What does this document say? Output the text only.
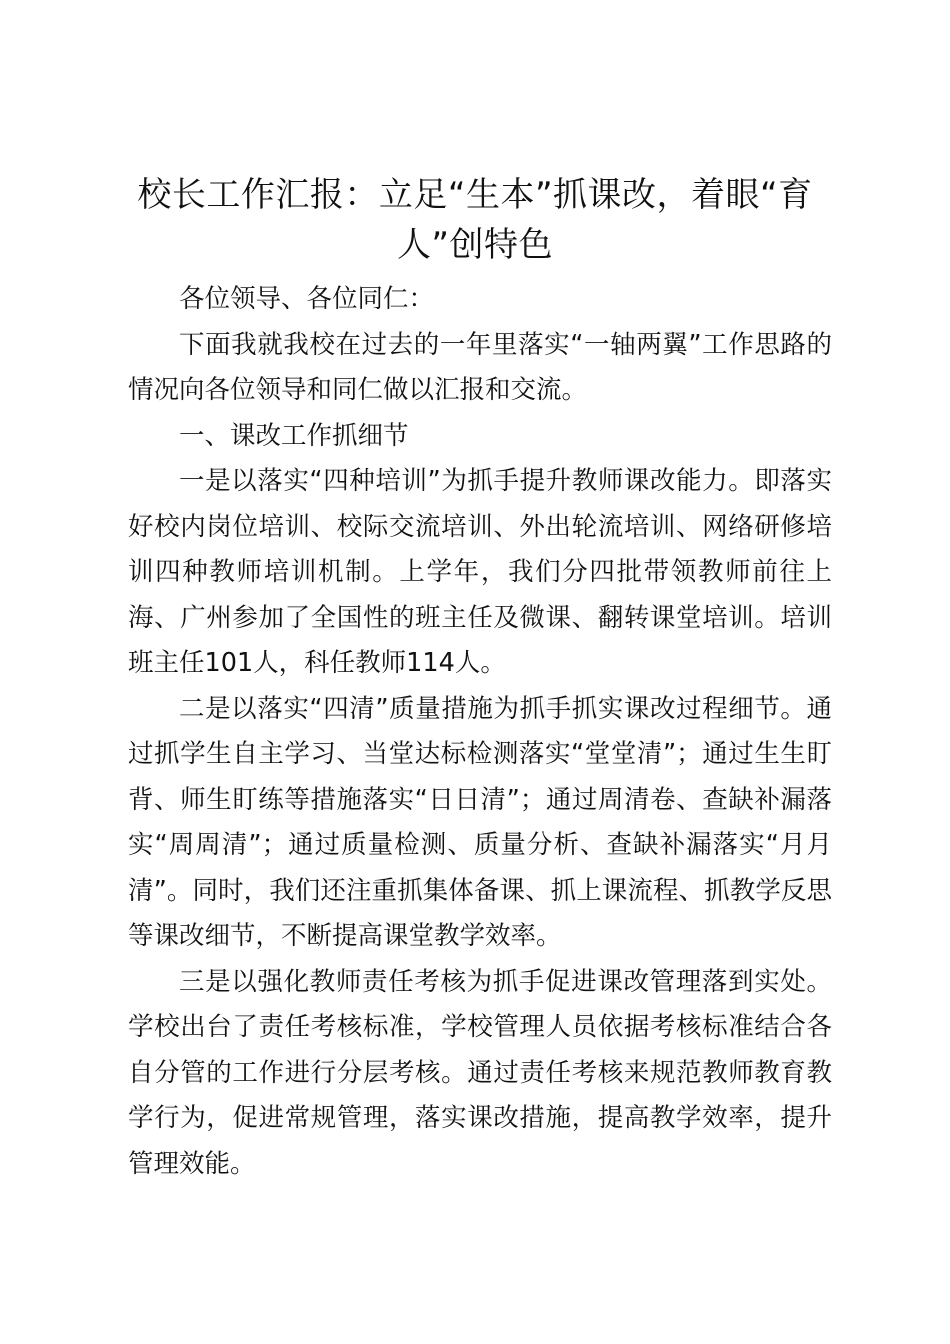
校长工作汇报：立足“生本”抓课改，着眼“育人”创特色

各位领导、各位同仁：

下面我就我校在过去的一年里落实“一轴两翼”工作思路的情况向各位领导和同仁做以汇报和交流。

一、课改工作抓细节

一是以落实“四种培训”为抓手提升教师课改能力。即落实好校内岗位培训、校际交流培训、外出轮流培训、网络研修培训四种教师培训机制。上学年，我们分四批带领教师前往上海、广州参加了全国性的班主任及微课、翻转课堂培训。培训班主任101人，科任教师114人。

二是以落实“四清”质量措施为抓手抓实课改过程细节。通过抓学生自主学习、当堂达标检测落实“堂堂清”；通过生生盯背、师生盯练等措施落实“日日清”；通过周清卷、查缺补漏落实“周周清”；通过质量检测、质量分析、查缺补漏落实“月月清”。同时，我们还注重抓集体备课、抓上课流程、抓教学反思等课改细节，不断提高课堂教学效率。

三是以强化教师责任考核为抓手促进课改管理落到实处。学校出台了责任考核标准，学校管理人员依据考核标准结合各自分管的工作进行分层考核。通过责任考核来规范教师教育教学行为，促进常规管理，落实课改措施，提高教学效率，提升管理效能。
